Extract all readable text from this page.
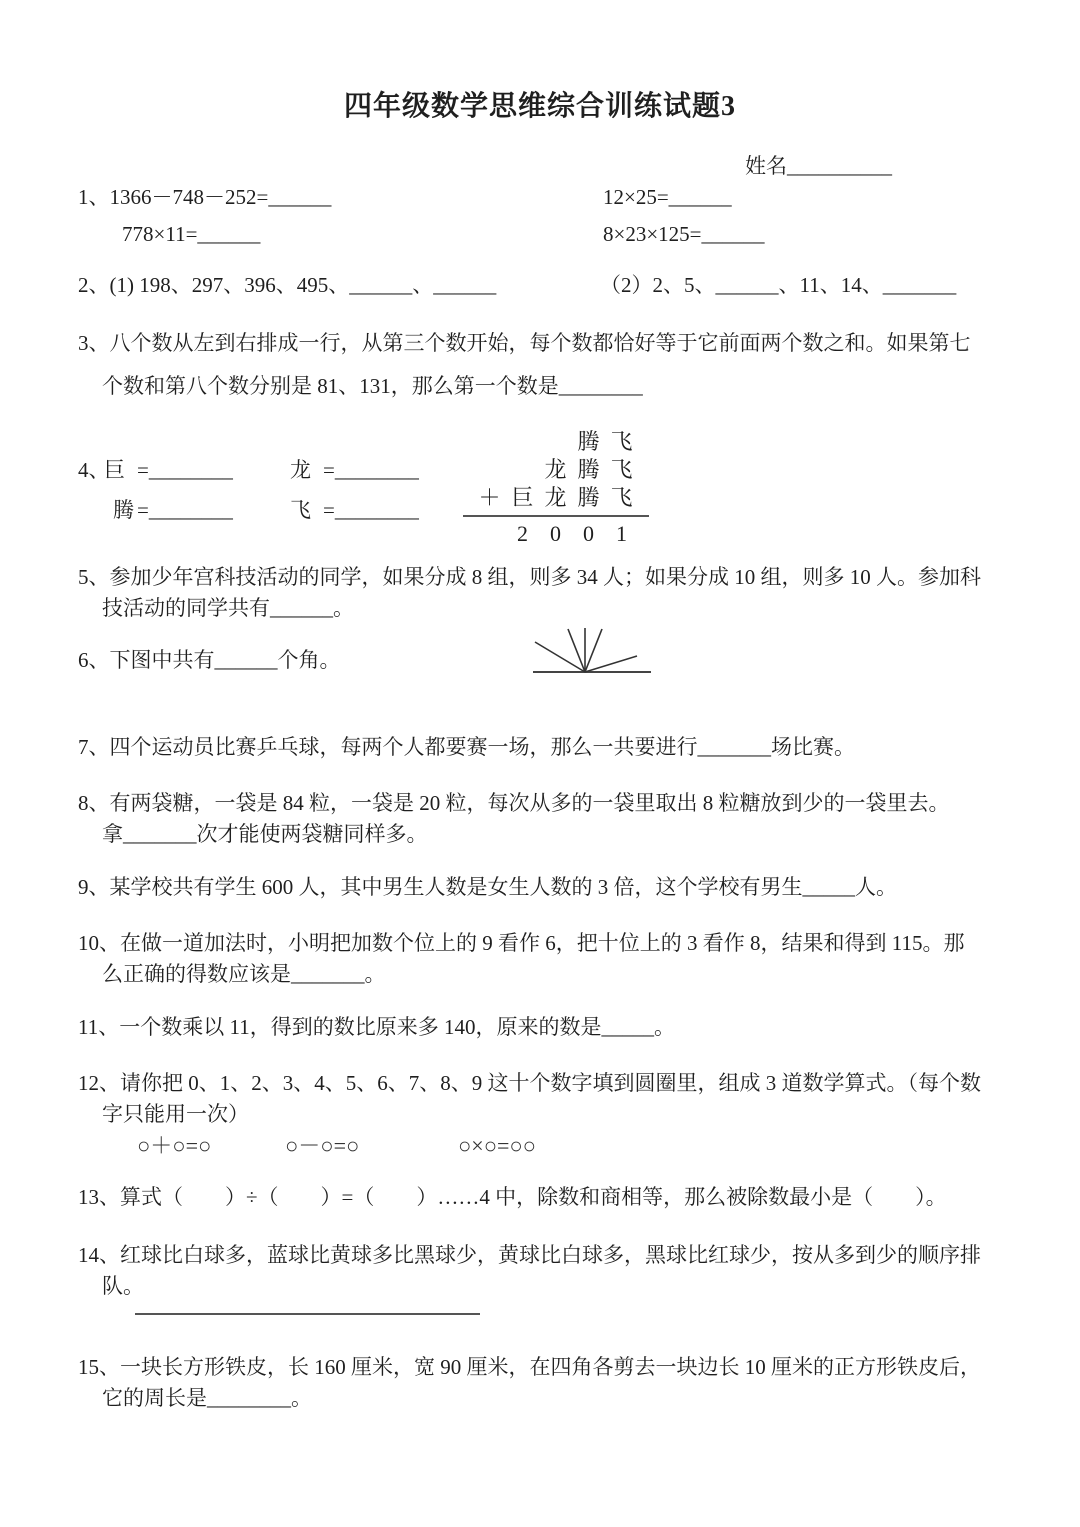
四年级数学思维综合训练试题3
姓名__________
1、1366－748－252=______	12×25=______
778×11=______	8×23×125=______
2、(1) 198、297、396、495、______、______	（2）2、5、______、11、14、_______
3、八个数从左到右排成一行，从第三个数开始，每个数都恰好等于它前面两个数之和。如果第七
个数和第八个数分别是 81、131，那么第一个数是________
4、
巨 =________	龙 =________
腾 =________	飞 =________
腾 飞
龙 腾 飞
＋ 巨 龙 腾 飞
2	0	0	1
5、参加少年宫科技活动的同学，如果分成 8 组，则多 34 人；如果分成 10 组，则多 10 人。参加科
技活动的同学共有______。
6、下图中共有______个角。
7、四个运动员比赛乒乓球，每两个人都要赛一场，那么一共要进行_______场比赛。
8、有两袋糖，一袋是 84 粒，一袋是 20 粒，每次从多的一袋里取出 8 粒糖放到少的一袋里去。
拿_______次才能使两袋糖同样多。
9、某学校共有学生 600 人，其中男生人数是女生人数的 3 倍，这个学校有男生_____人。
10、在做一道加法时，小明把加数个位上的 9 看作 6，把十位上的 3 看作 8，结果和得到 115。那
么正确的得数应该是_______。
11、一个数乘以 11，得到的数比原来多 140，原来的数是_____。
12、请你把 0、1、2、3、4、5、6、7、8、9 这十个数字填到圆圈里，组成 3 道数学算式。（每个数
字只能用一次）
○＋○=○	○－○=○	○×○=○○
13、算式（　　）÷（　　）=（　　）……4 中，除数和商相等，那么被除数最小是（　　）。
14、红球比白球多，蓝球比黄球多比黑球少，黄球比白球多，黑球比红球少，按从多到少的顺序排
队。
15、一块长方形铁皮，长 160 厘米，宽 90 厘米，在四角各剪去一块边长 10 厘米的正方形铁皮后，
它的周长是________。
